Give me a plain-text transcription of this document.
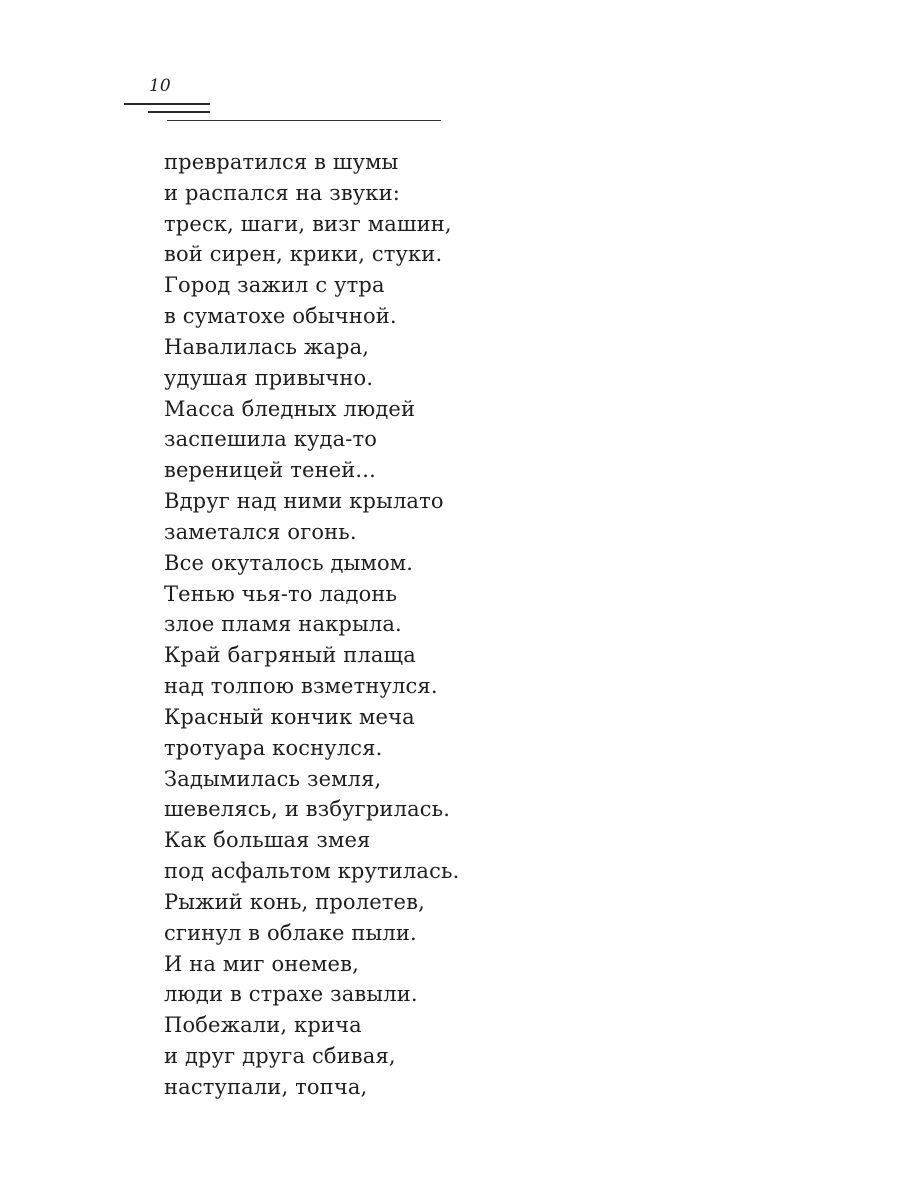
10
превратился в шумы
и распался на звуки:
треск, шаги, визг машин,
вой сирен, крики, стуки.
Город зажил с утра
в суматохе обычной.
Навалилась жара,
удушая привычно.
Масса бледных людей
заспешила куда-то
вереницей теней...
Вдруг над ними крылато
заметался огонь.
Все окуталось дымом.
Тенью чья-то ладонь
злое пламя накрыла.
Край багряный плаща
над толпою взметнулся.
Красный кончик меча
тротуара коснулся.
Задымилась земля,
шевелясь, и взбугрилась.
Как большая змея
под асфальтом крутилась.
Рыжий конь, пролетев,
сгинул в облаке пыли.
И на миг онемев,
люди в страхе завыли.
Побежали, крича
и друг друга сбивая,
наступали, топча,
